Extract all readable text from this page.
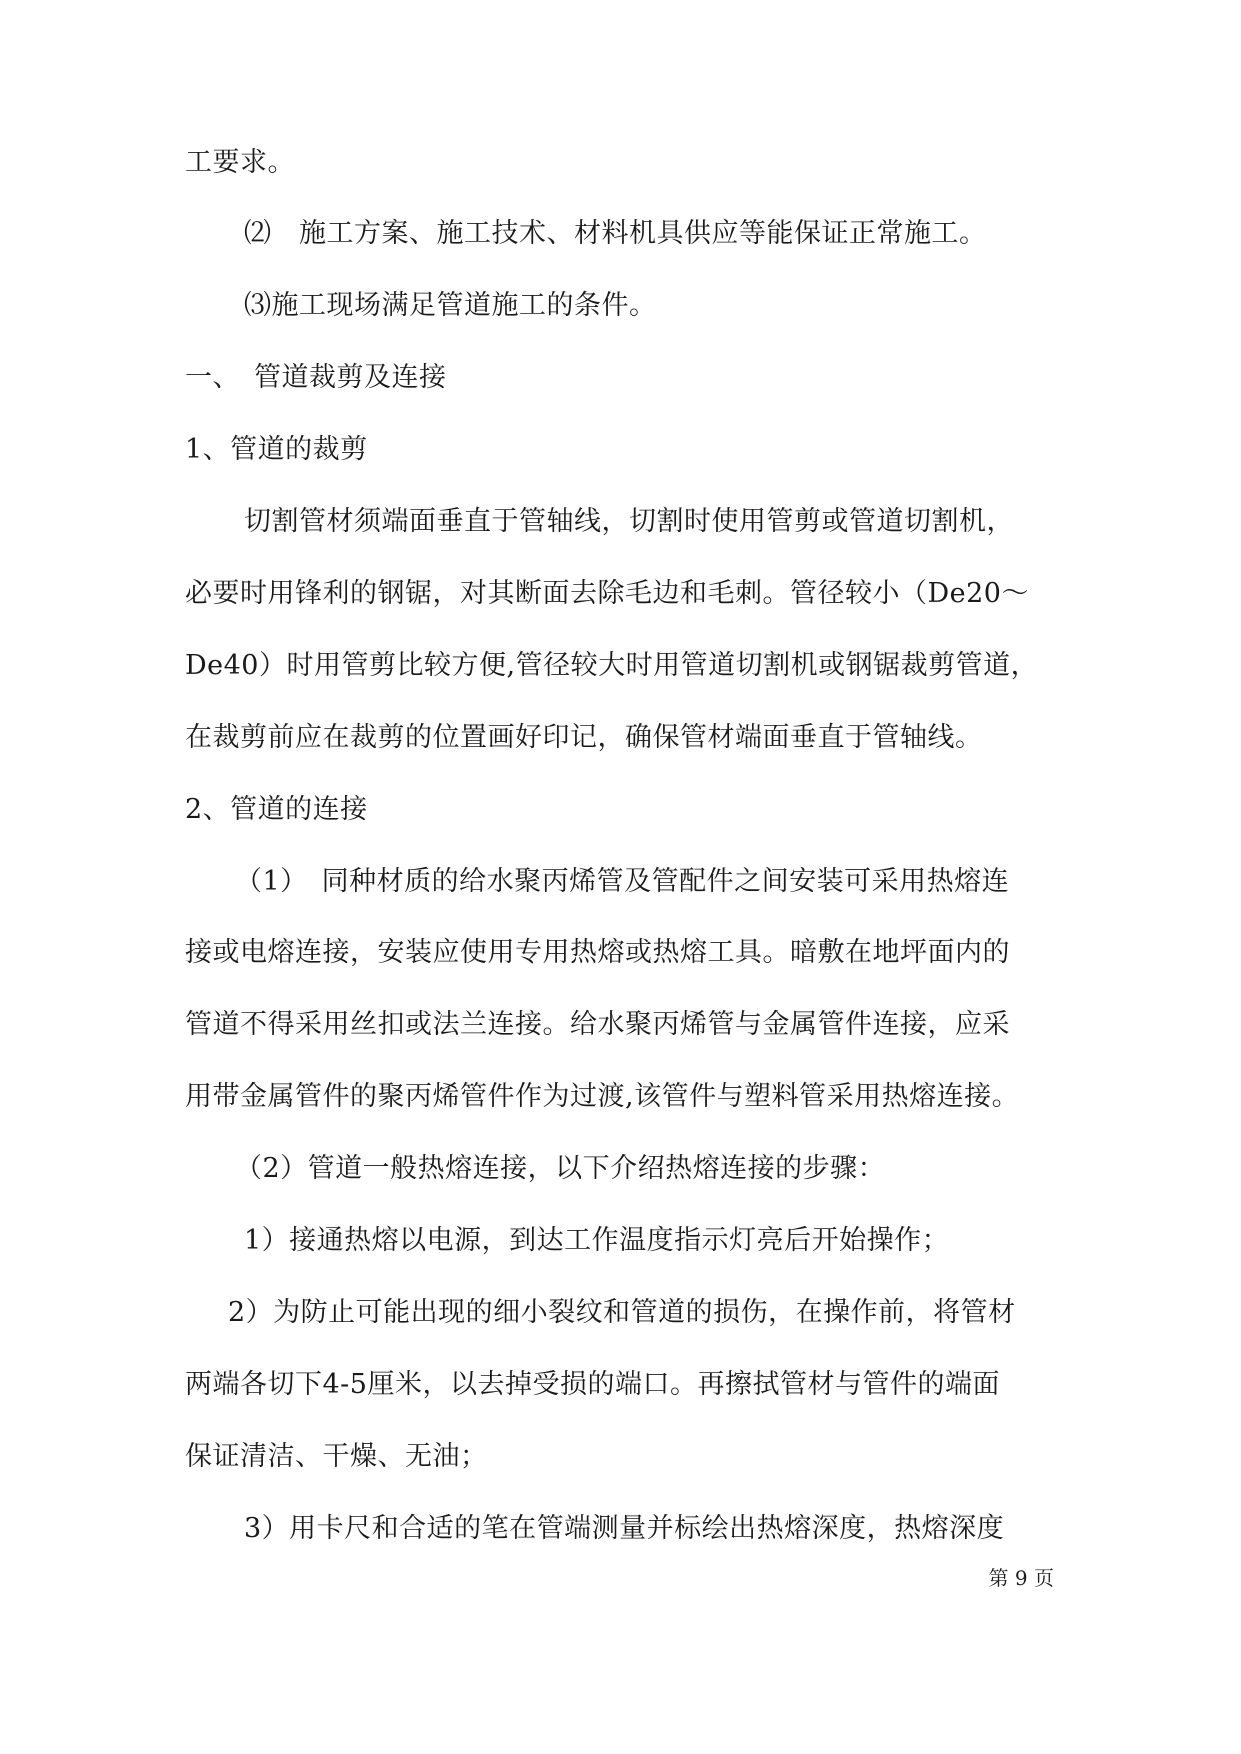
工要求。
⑵　施工方案、施工技术、材料机具供应等能保证正常施工。
⑶施工现场满足管道施工的条件。
一、　管道裁剪及连接
1、管道的裁剪
切割管材须端面垂直于管轴线，切割时使用管剪或管道切割机，
必要时用锋利的钢锯，对其断面去除毛边和毛刺。管径较小（De20～
De40）时用管剪比较方便,管径较大时用管道切割机或钢锯裁剪管道，
在裁剪前应在裁剪的位置画好印记，确保管材端面垂直于管轴线。
2、管道的连接
（1）　同种材质的给水聚丙烯管及管配件之间安装可采用热熔连
接或电熔连接，安装应使用专用热熔或热熔工具。暗敷在地坪面内的
管道不得采用丝扣或法兰连接。给水聚丙烯管与金属管件连接，应采
用带金属管件的聚丙烯管件作为过渡,该管件与塑料管采用热熔连接。
（2）管道一般热熔连接，以下介绍热熔连接的步骤：
1）接通热熔以电源，到达工作温度指示灯亮后开始操作；
2）为防止可能出现的细小裂纹和管道的损伤，在操作前，将管材
两端各切下4-5厘米，以去掉受损的端口。再擦拭管材与管件的端面
保证清洁、干燥、无油；
3）用卡尺和合适的笔在管端测量并标绘出热熔深度，热熔深度
第 9 页
